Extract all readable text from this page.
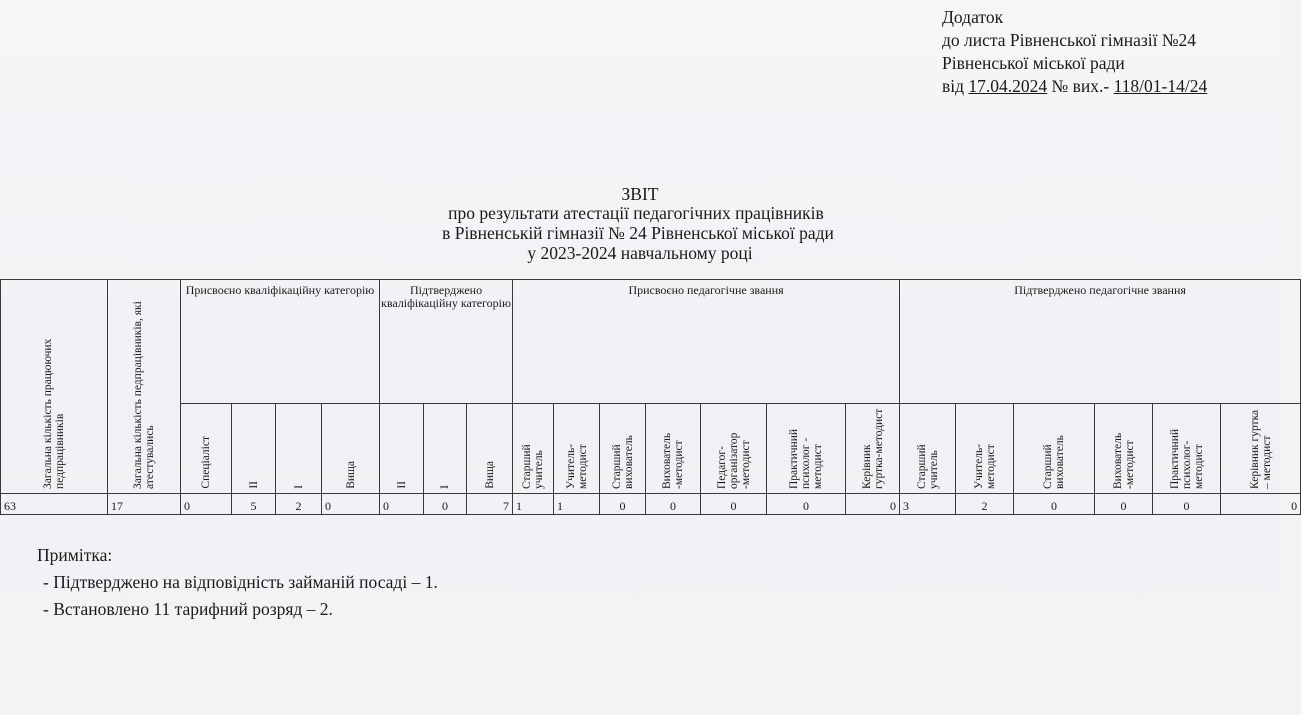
Додаток
до листа Рівненської гімназії №24
Рівненської міської ради
від 17.04.2024 № вих.- 118/01-14/24
ЗВІТ
про результати атестації педагогічних працівників
в Рівненській гімназії № 24 Рівненської міської ради
у 2023-2024 навчальному році
Загальна кількість працюючих педпрацівників	Загальна кількість педпрацівників, які атестувались	Присвоєно кваліфікаційну категорію				Підтверджено кваліфікаційну категорію			Присвоєно педагогічне звання							Підтверджено педагогічне звання					

		Спеціаліст	ІІ	І	Вища	ІІ	І	Вища	Старший учитель	Учитель-методист	Старший вихователь	Вихователь -методист	Педагог-організатор -методист	Практичний психолог - методист	Керівник гуртка-методист	Старший учитель	Учитель-методист	Старший вихователь	Вихователь -методист	Практичний психолог-методист	Керівник гуртка – методист

63	17	0	5	2	0	0	0	7	1	1	0	0	0	0	0	3	2	0	0	0	0
Примітка:
- Підтверджено на відповідність займаній посаді – 1.
- Встановлено 11 тарифний розряд – 2.
